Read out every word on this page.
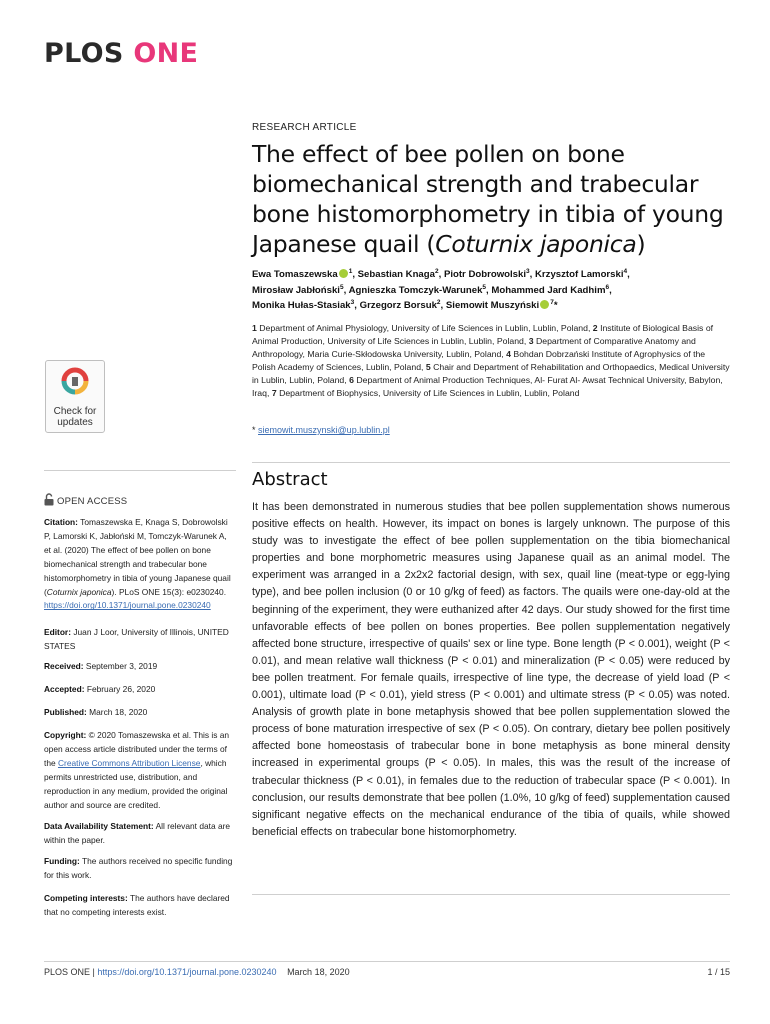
PLOS ONE
RESEARCH ARTICLE
The effect of bee pollen on bone biomechanical strength and trabecular bone histomorphometry in tibia of young Japanese quail (Coturnix japonica)
Ewa Tomaszewska $^1$, Sebastian Knaga$^2$, Piotr Dobrowolski$^3$, Krzysztof Lamorski$^4$,
Mirosław Jabłoński$^5$, Agnieszka Tomczyk-Warunek$^5$, Mohammed Jard Kadhim$^6$,
Monika Hułas-Stasiak$^3$, Grzegorz Borsuk$^2$, Siemowit Muszyński $^7$*
1 Department of Animal Physiology, University of Life Sciences in Lublin, Lublin, Poland, 2 Institute of Biological Basis of Animal Production, University of Life Sciences in Lublin, Lublin, Poland, 3 Department of Comparative Anatomy and Anthropology, Maria Curie-Skłodowska University, Lublin, Poland, 4 Bohdan Dobrzański Institute of Agrophysics of the Polish Academy of Sciences, Lublin, Poland, 5 Chair and Department of Rehabilitation and Orthopaedics, Medical University in Lublin, Lublin, Poland, 6 Department of Animal Production Techniques, Al- Furat Al- Awsat Technical University, Babylon, Iraq, 7 Department of Biophysics, University of Life Sciences in Lublin, Lublin, Poland
* siemowit.muszynski@up.lublin.pl
Abstract
It has been demonstrated in numerous studies that bee pollen supplementation shows numerous positive effects on health. However, its impact on bones is largely unknown. The purpose of this study was to investigate the effect of bee pollen supplementation on the tibia biomechanical properties and bone morphometric measures using Japanese quail as an animal model. The experiment was arranged in a 2x2x2 factorial design, with sex, quail line (meat-type or egg-lying type), and bee pollen inclusion (0 or 10 g/kg of feed) as factors. The quails were one-day-old at the beginning of the experiment, they were euthanized after 42 days. Our study showed for the first time unfavorable effects of bee pollen on bones properties. Bee pollen supplementation negatively affected bone structure, irrespective of quails' sex or line type. Bone length (P < 0.001), weight (P < 0.01), and mean relative wall thickness (P < 0.01) and mineralization (P < 0.05) were reduced by bee pollen treatment. For female quails, irrespective of line type, the decrease of yield load (P < 0.001), ultimate load (P < 0.01), yield stress (P < 0.001) and ultimate stress (P < 0.05) was noted. Analysis of growth plate in bone metaphysis showed that bee pollen supplementation slowed the process of bone maturation irrespective of sex (P < 0.05). On contrary, dietary bee pollen positively affected bone homeostasis of trabecular bone in bone metaphysis as bone mineral density increased in experimental groups (P < 0.05). In males, this was the result of the increase of trabecular thickness (P < 0.01), in females due to the reduction of trabecular space (P < 0.001). In conclusion, our results demonstrate that bee pollen (1.0%, 10 g/kg of feed) supplementation caused significant negative effects on the mechanical endurance of the tibia of quails, while showed beneficial effects on trabecular bone histomorphometry.
Check for
updates
OPEN ACCESS
Citation: Tomaszewska E, Knaga S, Dobrowolski P, Lamorski K, Jabłoński M, Tomczyk-Warunek A, et al. (2020) The effect of bee pollen on bone biomechanical strength and trabecular bone histomorphometry in tibia of young Japanese quail (Coturnix japonica). PLoS ONE 15(3): e0230240. https://doi.org/10.1371/journal.pone.0230240
Editor: Juan J Loor, University of Illinois, UNITED STATES
Received: September 3, 2019
Accepted: February 26, 2020
Published: March 18, 2020
Copyright: © 2020 Tomaszewska et al. This is an open access article distributed under the terms of the Creative Commons Attribution License, which permits unrestricted use, distribution, and reproduction in any medium, provided the original author and source are credited.
Data Availability Statement: All relevant data are within the paper.
Funding: The authors received no specific funding for this work.
Competing interests: The authors have declared that no competing interests exist.
PLOS ONE | https://doi.org/10.1371/journal.pone.0230240 March 18, 2020	1 / 15
